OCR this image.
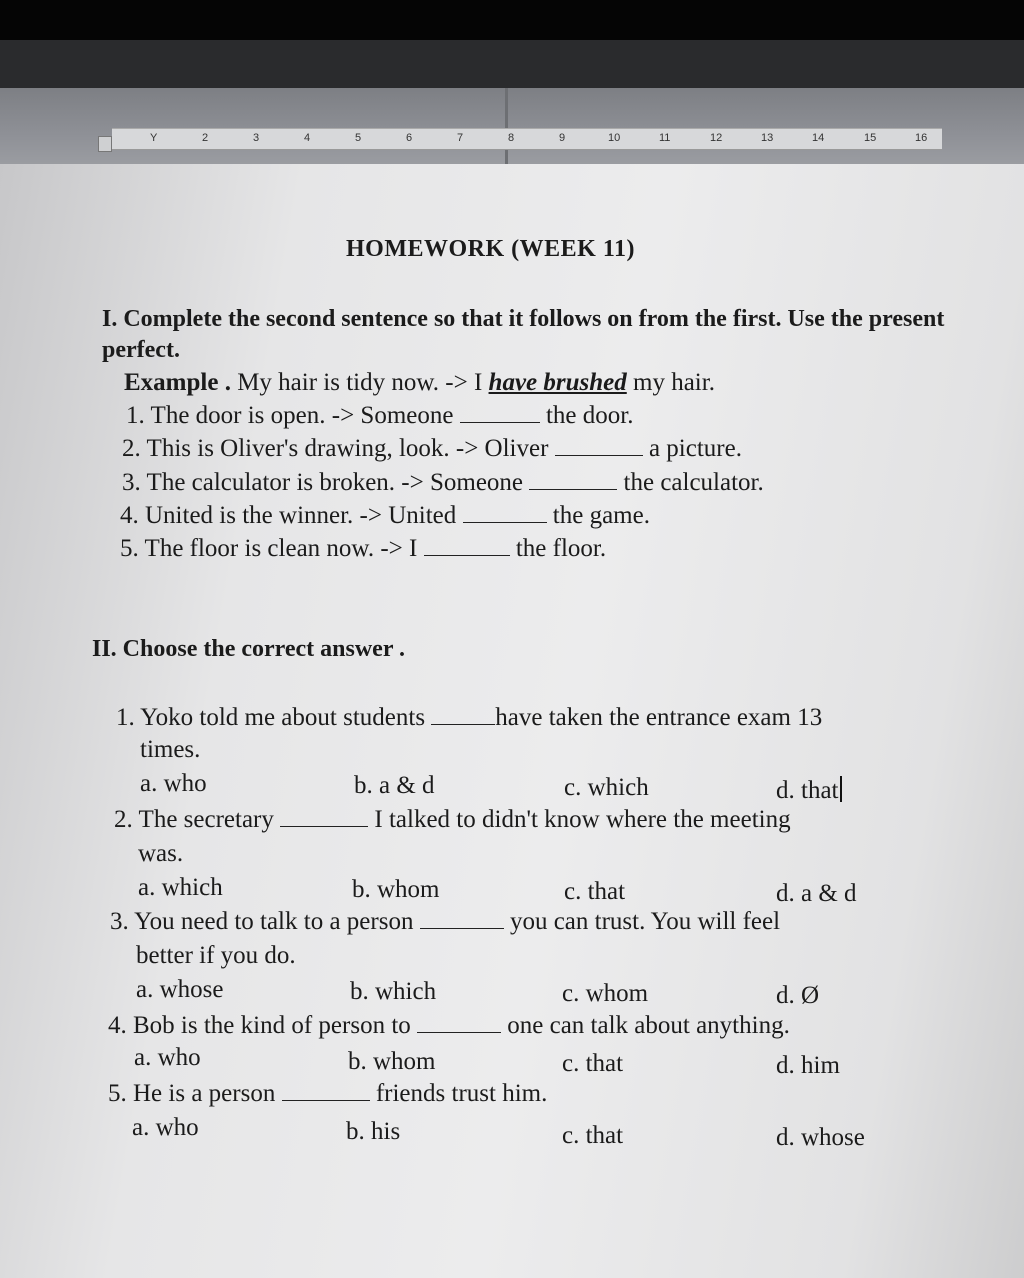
Y	2	3	4	5	6	7	8	9	10	11	12	13	14	15	16
HOMEWORK (WEEK 11)
I. Complete the second sentence so that it follows on from the first. Use the present perfect.
Example . My hair is tidy now. -> I have brushed my hair.
1. The door is open. -> Someone	the door.
2. This is Oliver's drawing, look. -> Oliver	a picture.
3. The calculator is broken. -> Someone	the calculator.
4. United is the winner. -> United	the game.
5. The floor is clean now. -> I	the floor.
II. Choose the correct answer .
1. Yoko told me about students	have taken the entrance exam 13
times.
a. who	b. a & d	c. which	d. that
2. The secretary	I talked to didn't know where the meeting
was.
a. which	b. whom	c. that	d. a & d
3. You need to talk to a person	you can trust. You will feel
better if you do.
a. whose	b. which	c. whom	d. Ø
4. Bob is the kind of person to	one can talk about anything.
a. who	b. whom	c. that	d. him
5. He is a person	friends trust him.
a. who	b. his	c. that	d. whose
